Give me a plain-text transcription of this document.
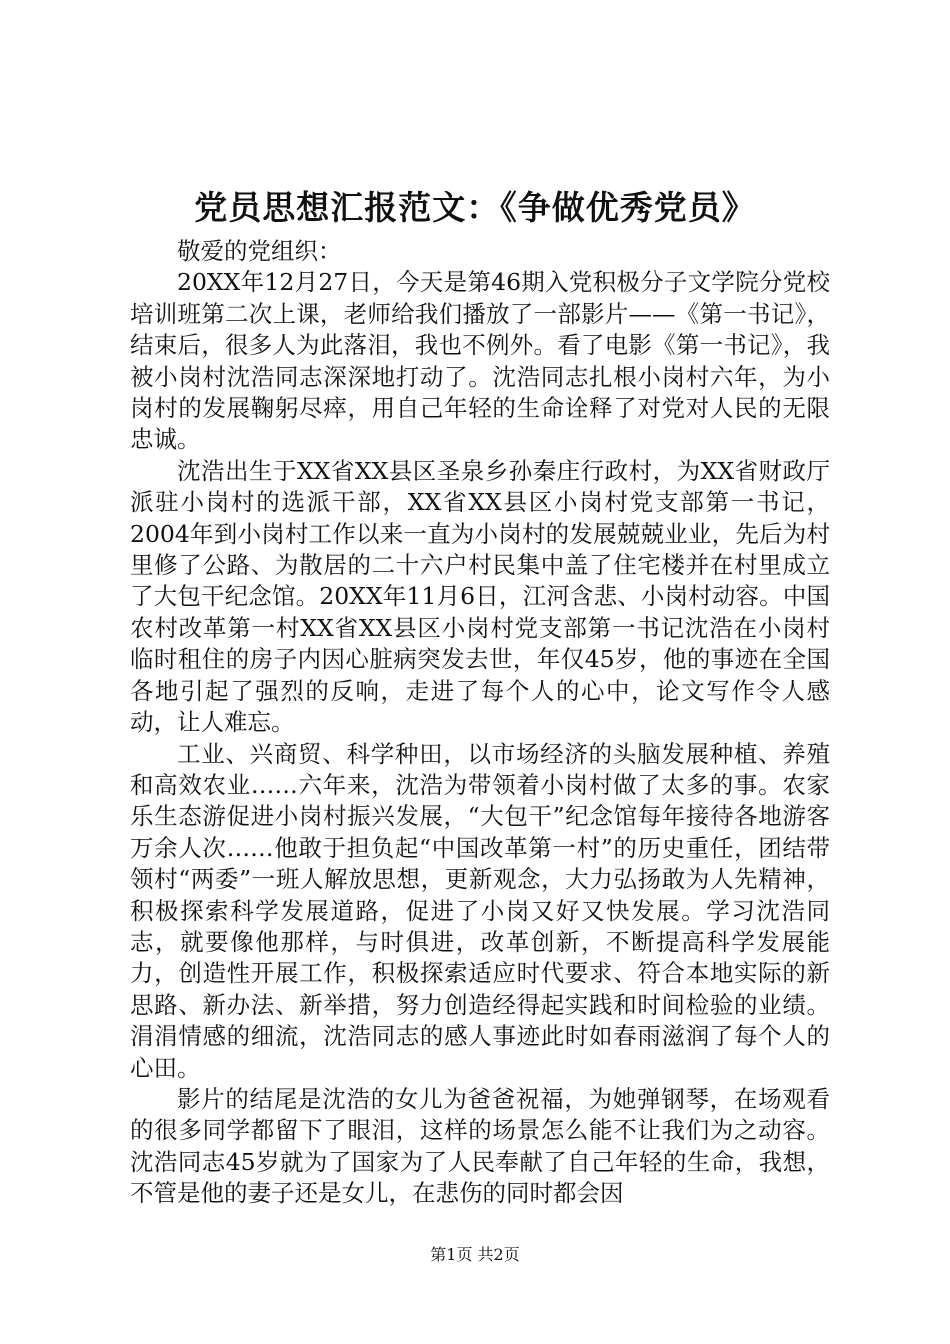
党员思想汇报范文：《争做优秀党员》

敬爱的党组织：

20XX年12月27日，今天是第46期入党积极分子文学院分党校培训班第二次上课，老师给我们播放了一部影片——《第一书记》，结束后，很多人为此落泪，我也不例外。看了电影《第一书记》，我被小岗村沈浩同志深深地打动了。沈浩同志扎根小岗村六年，为小岗村的发展鞠躬尽瘁，用自己年轻的生命诠释了对党对人民的无限忠诚。

沈浩出生于XX省XX县区圣泉乡孙秦庄行政村，为XX省财政厅派驻小岗村的选派干部，XX省XX县区小岗村党支部第一书记，2004年到小岗村工作以来一直为小岗村的发展兢兢业业，先后为村里修了公路、为散居的二十六户村民集中盖了住宅楼并在村里成立了大包干纪念馆。20XX年11月6日，江河含悲、小岗村动容。中国农村改革第一村XX省XX县区小岗村党支部第一书记沈浩在小岗村临时租住的房子内因心脏病突发去世，年仅45岁，他的事迹在全国各地引起了强烈的反响，走进了每个人的心中，论文写作令人感动，让人难忘。

工业、兴商贸、科学种田，以市场经济的头脑发展种植、养殖和高效农业……六年来，沈浩为带领着小岗村做了太多的事。农家乐生态游促进小岗村振兴发展，“大包干”纪念馆每年接待各地游客万余人次……他敢于担负起“中国改革第一村”的历史重任，团结带领村“两委”一班人解放思想，更新观念，大力弘扬敢为人先精神，积极探索科学发展道路，促进了小岗又好又快发展。学习沈浩同志，就要像他那样，与时俱进，改革创新，不断提高科学发展能力，创造性开展工作，积极探索适应时代要求、符合本地实际的新思路、新办法、新举措，努力创造经得起实践和时间检验的业绩。涓涓情感的细流，沈浩同志的感人事迹此时如春雨滋润了每个人的心田。

影片的结尾是沈浩的女儿为爸爸祝福，为她弹钢琴，在场观看的很多同学都留下了眼泪，这样的场景怎么能不让我们为之动容。沈浩同志45岁就为了国家为了人民奉献了自己年轻的生命，我想，不管是他的妻子还是女儿，在悲伤的同时都会因

第1页 共2页
